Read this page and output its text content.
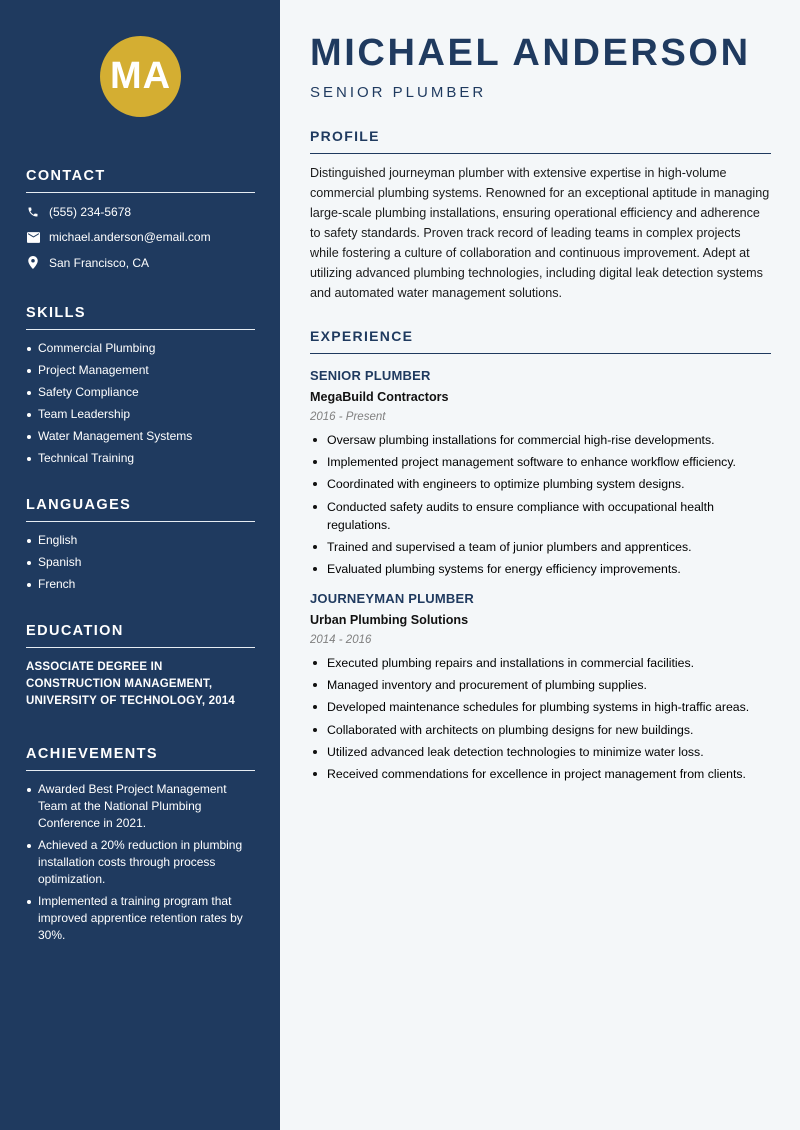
MA
CONTACT
(555) 234-5678
michael.anderson@email.com
San Francisco, CA
SKILLS
Commercial Plumbing
Project Management
Safety Compliance
Team Leadership
Water Management Systems
Technical Training
LANGUAGES
English
Spanish
French
EDUCATION
ASSOCIATE DEGREE IN CONSTRUCTION MANAGEMENT, UNIVERSITY OF TECHNOLOGY, 2014
ACHIEVEMENTS
Awarded Best Project Management Team at the National Plumbing Conference in 2021.
Achieved a 20% reduction in plumbing installation costs through process optimization.
Implemented a training program that improved apprentice retention rates by 30%.
MICHAEL ANDERSON
SENIOR PLUMBER
PROFILE
Distinguished journeyman plumber with extensive expertise in high-volume commercial plumbing systems. Renowned for an exceptional aptitude in managing large-scale plumbing installations, ensuring operational efficiency and adherence to safety standards. Proven track record of leading teams in complex projects while fostering a culture of collaboration and continuous improvement. Adept at utilizing advanced plumbing technologies, including digital leak detection systems and automated water management solutions.
EXPERIENCE
SENIOR PLUMBER
MegaBuild Contractors
2016 - Present
Oversaw plumbing installations for commercial high-rise developments.
Implemented project management software to enhance workflow efficiency.
Coordinated with engineers to optimize plumbing system designs.
Conducted safety audits to ensure compliance with occupational health regulations.
Trained and supervised a team of junior plumbers and apprentices.
Evaluated plumbing systems for energy efficiency improvements.
JOURNEYMAN PLUMBER
Urban Plumbing Solutions
2014 - 2016
Executed plumbing repairs and installations in commercial facilities.
Managed inventory and procurement of plumbing supplies.
Developed maintenance schedules for plumbing systems in high-traffic areas.
Collaborated with architects on plumbing designs for new buildings.
Utilized advanced leak detection technologies to minimize water loss.
Received commendations for excellence in project management from clients.
